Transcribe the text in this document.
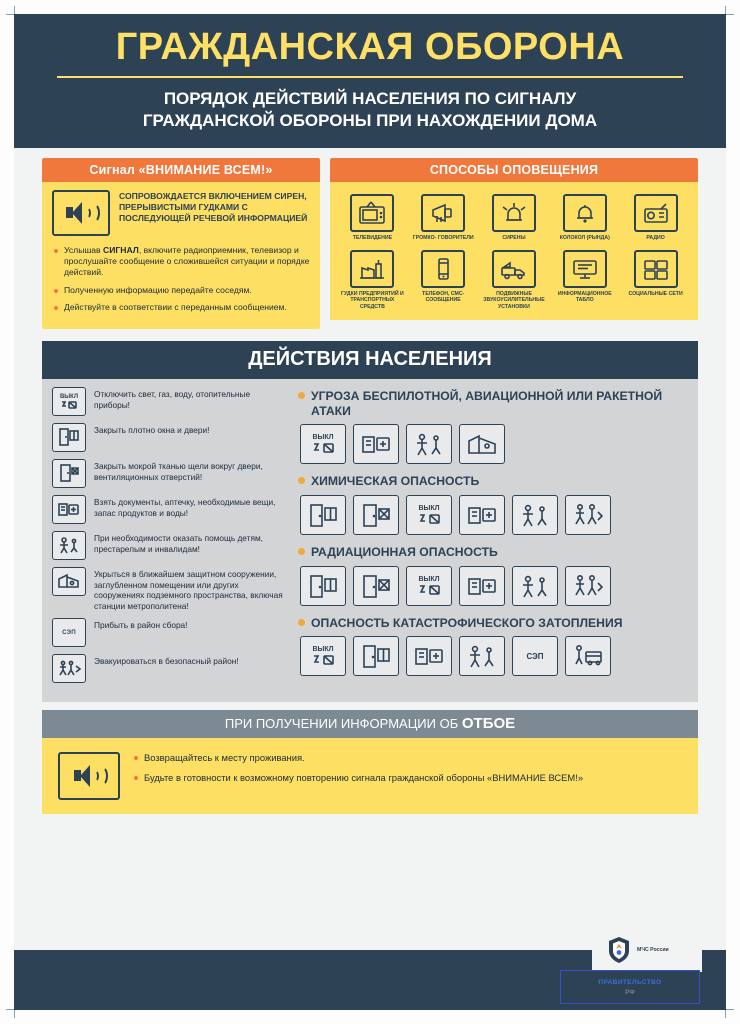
ГРАЖДАНСКАЯ ОБОРОНА
ПОРЯДОК ДЕЙСТВИЙ НАСЕЛЕНИЯ ПО СИГНАЛУ
ГРАЖДАНСКОЙ ОБОРОНЫ ПРИ НАХОЖДЕНИИ ДОМА
Сигнал «ВНИМАНИЕ ВСЕМ!»
СОПРОВОЖДАЕТСЯ ВКЛЮЧЕНИЕМ СИРЕН, ПРЕРЫВИСТЫМИ ГУДКАМИ С ПОСЛЕДУЮЩЕЙ РЕЧЕВОЙ ИНФОРМАЦИЕЙ
Услышав СИГНАЛ, включите радиоприемник, телевизор и прослушайте сообщение о сложившейся ситуации и порядке действий.
Полученную информацию передайте соседям.
Действуйте в соответствии с переданным сообщением.
СПОСОБЫ ОПОВЕЩЕНИЯ
ТЕЛЕВИДЕНИЕ	ГРОМКО- ГОВОРИТЕЛИ	СИРЕНЫ	КОЛОКОЛ (РЫНДА)	РАДИО
ГУДКИ ПРЕДПРИЯТИЙ И ТРАНСПОРТНЫХ СРЕДСТВ
ТЕЛЕФОН, СМС-СООБЩЕНИЕ
ПОДВИЖНЫЕ ЗВУКОУСИЛИТЕЛЬНЫЕ УСТАНОВКИ
ИНФОРМАЦИОННОЕ ТАБЛО
СОЦИАЛЬНЫЕ СЕТИ
ДЕЙСТВИЯ НАСЕЛЕНИЯ
ВЫКЛ Отключить свет, газ, воду, отопительные приборы!
Закрыть плотно окна и двери!
Закрыть мокрой тканью щели вокруг двери, вентиляционных отверстий!
Взять документы, аптечку, необходимые вещи, запас продуктов и воды!
При необходимости оказать помощь детям, престарелым и инвалидам!
Укрыться в ближайшем защитном сооружении, заглубленном помещении или других сооружениях подземного пространства, включая станции метрополитена!
СЭП
Прибыть в район сбора!
Эвакуироваться в безопасный район!
УГРОЗА БЕСПИЛОТНОЙ, АВИАЦИОННОЙ ИЛИ РАКЕТНОЙ АТАКИ
ВЫКЛ
ХИМИЧЕСКАЯ ОПАСНОСТЬ
ВЫКЛ
РАДИАЦИОННАЯ ОПАСНОСТЬ
ВЫКЛ
ОПАСНОСТЬ КАТАСТРОФИЧЕСКОГО ЗАТОПЛЕНИЯ
ВЫКЛ
СЭП
ПРИ ПОЛУЧЕНИИ ИНФОРМАЦИИ ОБ ОТБОЕ
Возвращайтесь к месту проживания.
Будьте в готовности к возможному повторению сигнала гражданской обороны «ВНИМАНИЕ ВСЕМ!»
МЧС России
ПРАВИТЕЛЬСТВО
РФ
